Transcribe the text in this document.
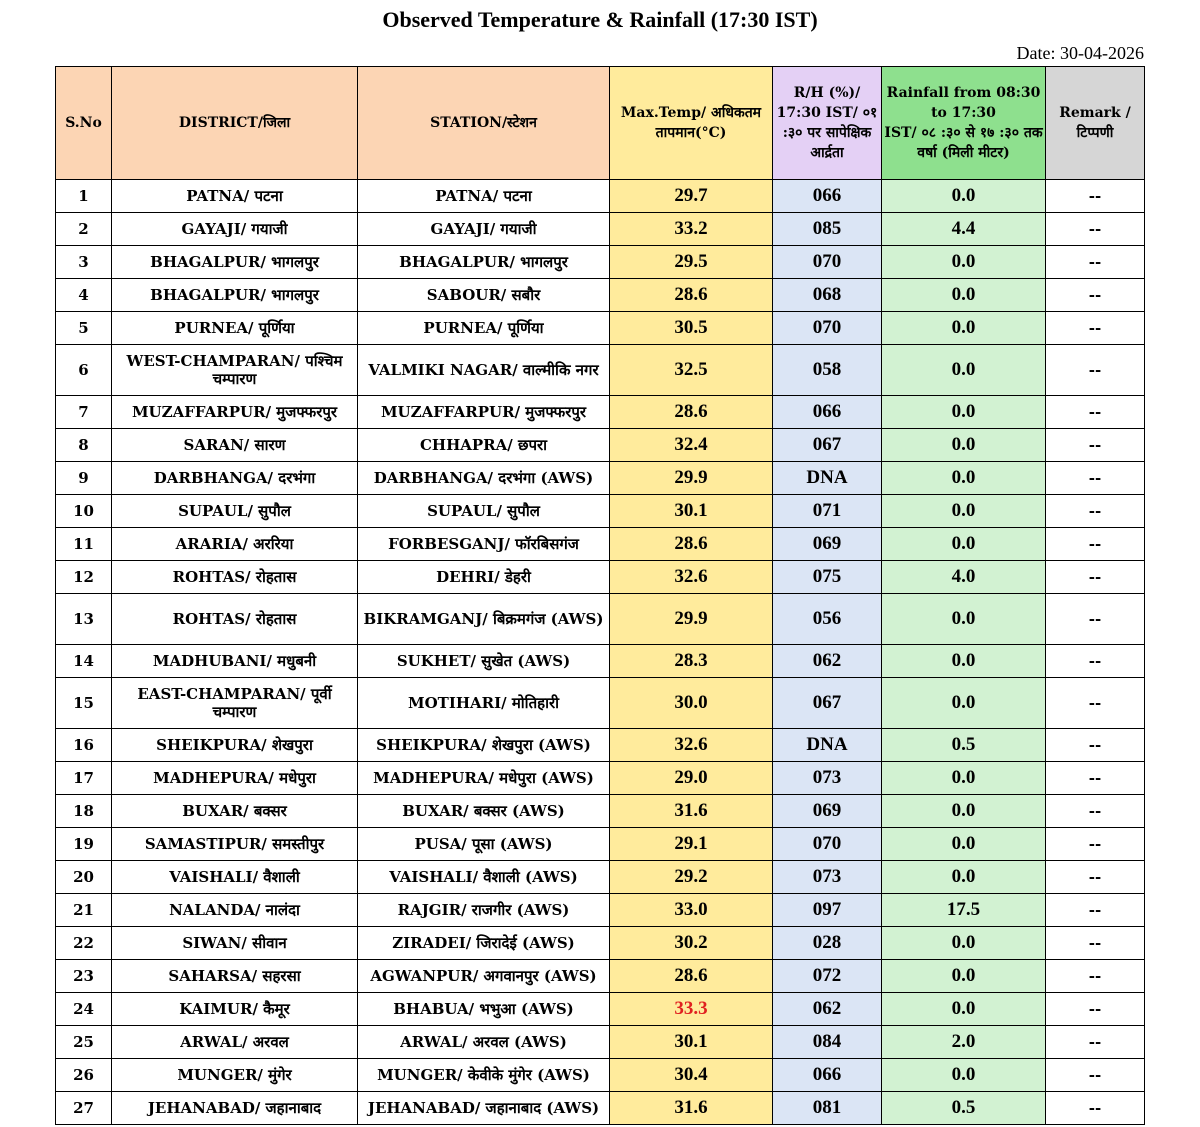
Observed Temperature & Rainfall (17:30 IST)
Date: 30-04-2026
S.No	DISTRICT/जिला	STATION/स्टेशन	Max.Temp/ अधिकतम तापमान(°C)	R/H (%)/ 17:30 IST/ ०१ :३० पर सापेक्षिक आर्द्रता	Rainfall from 08:30 to 17:30
IST/ ०८ :३० से १७ :३० तक वर्षा (मिली मीटर)	Remark / टिप्पणी
1	PATNA/ पटना	PATNA/ पटना	29.7	066	0.0	--
2	GAYAJI/ गयाजी	GAYAJI/ गयाजी	33.2	085	4.4	--
3	BHAGALPUR/ भागलपुर	BHAGALPUR/ भागलपुर	29.5	070	0.0	--
4	BHAGALPUR/ भागलपुर	SABOUR/ सबौर	28.6	068	0.0	--
5	PURNEA/ पूर्णिया	PURNEA/ पूर्णिया	30.5	070	0.0	--
6	WEST-CHAMPARAN/ पश्चिम चम्पारण	VALMIKI NAGAR/ वाल्मीकि नगर	32.5	058	0.0	--
7	MUZAFFARPUR/ मुजफ्फरपुर	MUZAFFARPUR/ मुजफ्फरपुर	28.6	066	0.0	--
8	SARAN/ सारण	CHHAPRA/ छपरा	32.4	067	0.0	--
9	DARBHANGA/ दरभंगा	DARBHANGA/ दरभंगा (AWS)	29.9	DNA	0.0	--
10	SUPAUL/ सुपौल	SUPAUL/ सुपौल	30.1	071	0.0	--
11	ARARIA/ अररिया	FORBESGANJ/ फॉरबिसगंज	28.6	069	0.0	--
12	ROHTAS/ रोहतास	DEHRI/ डेहरी	32.6	075	4.0	--
13	ROHTAS/ रोहतास	BIKRAMGANJ/ बिक्रमगंज (AWS)	29.9	056	0.0	--
14	MADHUBANI/ मधुबनी	SUKHET/ सुखेत (AWS)	28.3	062	0.0	--
15	EAST-CHAMPARAN/ पूर्वी चम्पारण	MOTIHARI/ मोतिहारी	30.0	067	0.0	--
16	SHEIKPURA/ शेखपुरा	SHEIKPURA/ शेखपुरा (AWS)	32.6	DNA	0.5	--
17	MADHEPURA/ मधेपुरा	MADHEPURA/ मधेपुरा (AWS)	29.0	073	0.0	--
18	BUXAR/ बक्सर	BUXAR/ बक्सर (AWS)	31.6	069	0.0	--
19	SAMASTIPUR/ समस्तीपुर	PUSA/ पूसा (AWS)	29.1	070	0.0	--
20	VAISHALI/ वैशाली	VAISHALI/ वैशाली (AWS)	29.2	073	0.0	--
21	NALANDA/ नालंदा	RAJGIR/ राजगीर (AWS)	33.0	097	17.5	--
22	SIWAN/ सीवान	ZIRADEI/ जिरादेई (AWS)	30.2	028	0.0	--
23	SAHARSA/ सहरसा	AGWANPUR/ अगवानपुर (AWS)	28.6	072	0.0	--
24	KAIMUR/ कैमूर	BHABUA/ भभुआ (AWS)	33.3	062	0.0	--
25	ARWAL/ अरवल	ARWAL/ अरवल (AWS)	30.1	084	2.0	--
26	MUNGER/ मुंगेर	MUNGER/ केवीके मुंगेर (AWS)	30.4	066	0.0	--
27	JEHANABAD/ जहानाबाद	JEHANABAD/ जहानाबाद (AWS)	31.6	081	0.5	--
